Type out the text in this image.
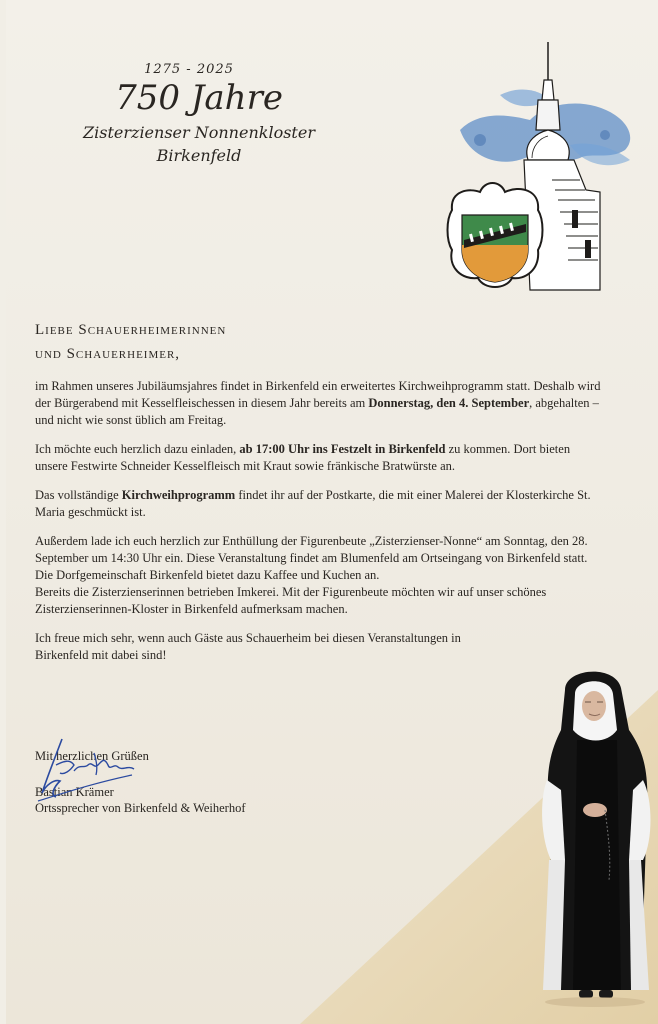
1275 - 2025
750 Jahre
Zisterzienser Nonnenkloster
Birkenfeld
Liebe Schauerheimerinnen
und Schauerheimer,

im Rahmen unseres Jubiläumsjahres findet in Birkenfeld ein erweitertes Kirchweihprogramm statt. Deshalb wird der Bürgerabend mit Kesselfleischessen in diesem Jahr bereits am Donnerstag, den 4. September, abgehalten – und nicht wie sonst üblich am Freitag.

Ich möchte euch herzlich dazu einladen, ab 17:00 Uhr ins Festzelt in Birkenfeld zu kommen. Dort bieten unsere Festwirte Schneider Kesselfleisch mit Kraut sowie fränkische Bratwürste an.

Das vollständige Kirchweihprogramm findet ihr auf der Postkarte, die mit einer Malerei der Klosterkirche St. Maria geschmückt ist.

Außerdem lade ich euch herzlich zur Enthüllung der Figurenbeute „Zisterzienser-Nonne“ am Sonntag, den 28. September um 14:30 Uhr ein. Diese Veranstaltung findet am Blumenfeld am Ortseingang von Birkenfeld statt. Die Dorfgemeinschaft Birkenfeld bietet dazu Kaffee und Kuchen an.

Bereits die Zisterzienserinnen betrieben Imkerei. Mit der Figurenbeute möchten wir auf unser schönes Zisterzienserinnen-Kloster in Birkenfeld aufmerksam machen.

Ich freue mich sehr, wenn auch Gäste aus Schauerheim bei diesen Veranstaltungen in Birkenfeld mit dabei sind!

Mit herzlichen Grüßen
Bastian Krämer
Ortssprecher von Birkenfeld & Weiherhof
